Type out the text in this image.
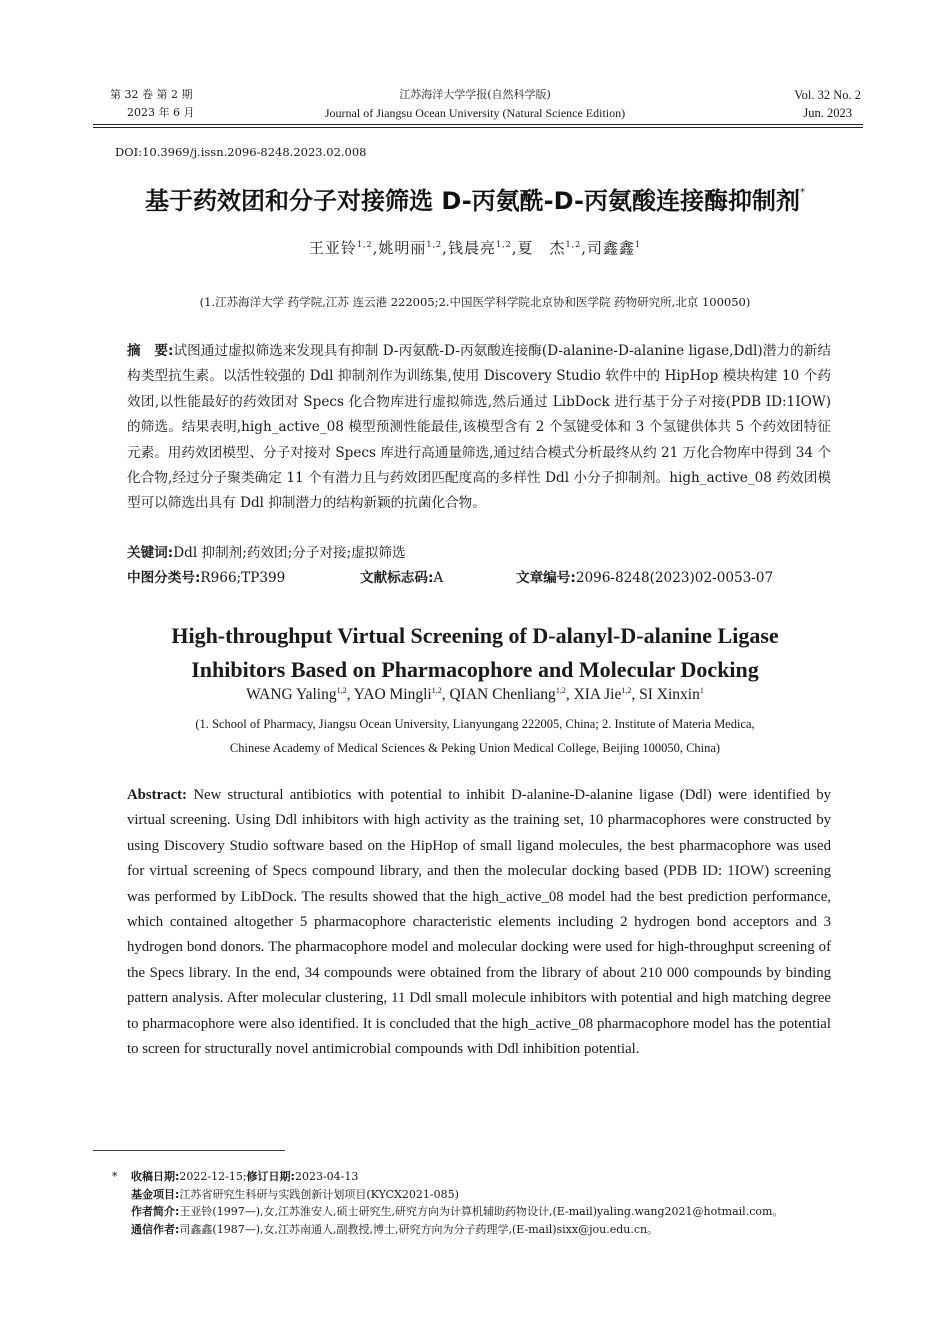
第 32 卷 第 2 期
2023 年 6 月
江苏海洋大学学报(自然科学版)
Journal of Jiangsu Ocean University (Natural Science Edition)
Vol. 32 No. 2
Jun. 2023
DOI:10.3969/j.issn.2096-8248.2023.02.008
基于药效团和分子对接筛选 D-丙氨酰-D-丙氨酸连接酶抑制剂*
王亚铃$^{1,2}$,姚明丽$^{1,2}$,钱晨亮$^{1,2}$,夏　杰$^{1,2}$,司鑫鑫$^1$
(1.江苏海洋大学 药学院,江苏 连云港 222005;2.中国医学科学院北京协和医学院 药物研究所,北京 100050)
摘　要:试图通过虚拟筛选来发现具有抑制 D-丙氨酰-D-丙氨酸连接酶(D-alanine-D-alanine ligase,Ddl)潜力的新结构类型抗生素。以活性较强的 Ddl 抑制剂作为训练集,使用 Discovery Studio 软件中的 HipHop 模块构建 10 个药效团,以性能最好的药效团对 Specs 化合物库进行虚拟筛选,然后通过 LibDock 进行基于分子对接(PDB ID:1IOW)的筛选。结果表明,high_active_08 模型预测性能最佳,该模型含有 2 个氢键受体和 3 个氢键供体共 5 个药效团特征元素。用药效团模型、分子对接对 Specs 库进行高通量筛选,通过结合模式分析最终从约 21 万化合物库中得到 34 个化合物,经过分子聚类确定 11 个有潜力且与药效团匹配度高的多样性 Ddl 小分子抑制剂。high_active_08 药效团模型可以筛选出具有 Ddl 抑制潜力的结构新颖的抗菌化合物。
关键词:Ddl 抑制剂;药效团;分子对接;虚拟筛选
中图分类号:R966;TP399	文献标志码:A	文章编号:2096-8248(2023)02-0053-07
High-throughput Virtual Screening of D-alanyl-D-alanine Ligase
Inhibitors Based on Pharmacophore and Molecular Docking
WANG Yaling$^{1,2}$, YAO Mingli$^{1,2}$, QIAN Chenliang$^{1,2}$, XIA Jie$^{1,2}$, SI Xinxin$^1$
(1. School of Pharmacy, Jiangsu Ocean University, Lianyungang 222005, China; 2. Institute of Materia Medica,
Chinese Academy of Medical Sciences & Peking Union Medical College, Beijing 100050, China)
Abstract: New structural antibiotics with potential to inhibit D-alanine-D-alanine ligase (Ddl) were identified by virtual screening. Using Ddl inhibitors with high activity as the training set, 10 pharmacophores were constructed by using Discovery Studio software based on the HipHop of small ligand molecules, the best pharmacophore was used for virtual screening of Specs compound library, and then the molecular docking based (PDB ID: 1IOW) screening was performed by LibDock. The results showed that the high_active_08 model had the best prediction performance, which contained altogether 5 pharmacophore characteristic elements including 2 hydrogen bond acceptors and 3 hydrogen bond donors. The pharmacophore model and molecular docking were used for high-throughput screening of the Specs library. In the end, 34 compounds were obtained from the library of about 210 000 compounds by binding pattern analysis. After molecular clustering, 11 Ddl small molecule inhibitors with potential and high matching degree to pharmacophore were also identified. It is concluded that the high_active_08 pharmacophore model has the potential to screen for structurally novel antimicrobial compounds with Ddl inhibition potential.
* 收稿日期:2022-12-15;修订日期:2023-04-13
基金项目:江苏省研究生科研与实践创新计划项目(KYCX2021-085)
作者简介:王亚铃(1997—),女,江苏淮安人,硕士研究生,研究方向为计算机辅助药物设计,(E-mail)yaling.wang2021@hotmail.com。
通信作者:司鑫鑫(1987—),女,江苏南通人,副教授,博士,研究方向为分子药理学,(E-mail)sixx@jou.edu.cn。
